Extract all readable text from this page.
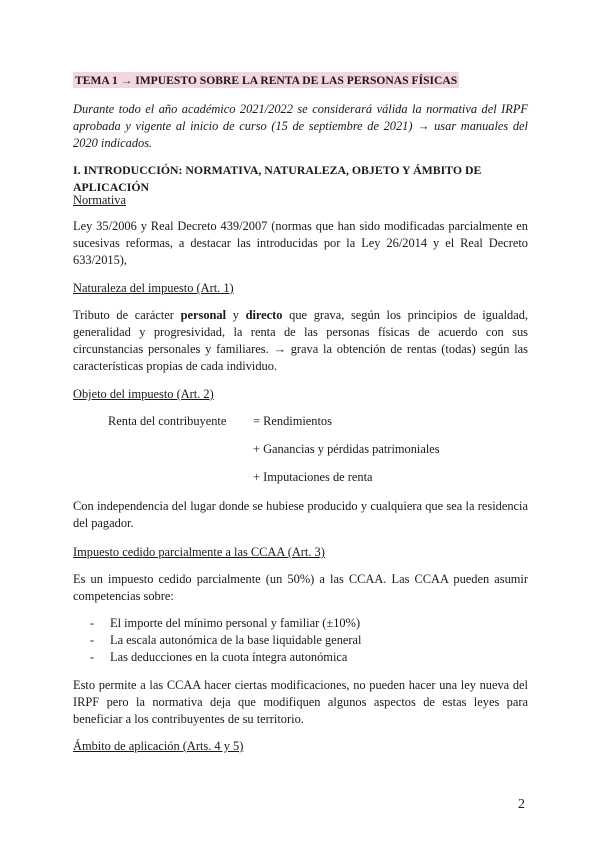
TEMA 1 → IMPUESTO SOBRE LA RENTA DE LAS PERSONAS FÍSICAS
Durante todo el año académico 2021/2022 se considerará válida la normativa del IRPF aprobada y vigente al inicio de curso (15 de septiembre de 2021) → usar manuales del 2020 indicados.
I. INTRODUCCIÓN: NORMATIVA, NATURALEZA, OBJETO Y ÁMBITO DE APLICACIÓN
Normativa
Ley 35/2006 y Real Decreto 439/2007 (normas que han sido modificadas parcialmente en sucesivas reformas, a destacar las introducidas por la Ley 26/2014 y el Real Decreto 633/2015),
Naturaleza del impuesto (Art. 1)
Tributo de carácter personal y directo que grava, según los principios de igualdad, generalidad y progresividad, la renta de las personas físicas de acuerdo con sus circunstancias personales y familiares. → grava la obtención de rentas (todas) según las características propias de cada individuo.
Objeto del impuesto (Art. 2)
Renta del contribuyente = Rendimientos
+ Ganancias y pérdidas patrimoniales
+ Imputaciones de renta
Con independencia del lugar donde se hubiese producido y cualquiera que sea la residencia del pagador.
Impuesto cedido parcialmente a las CCAA (Art. 3)
Es un impuesto cedido parcialmente (un 50%) a las CCAA. Las CCAA pueden asumir competencias sobre:
- El importe del mínimo personal y familiar (±10%)
- La escala autonómica de la base liquidable general
- Las deducciones en la cuota íntegra autonómica
Esto permite a las CCAA hacer ciertas modificaciones, no pueden hacer una ley nueva del IRPF pero la normativa deja que modifiquen algunos aspectos de estas leyes para beneficiar a los contribuyentes de su territorio.
Ámbito de aplicación (Arts. 4 y 5)
2
